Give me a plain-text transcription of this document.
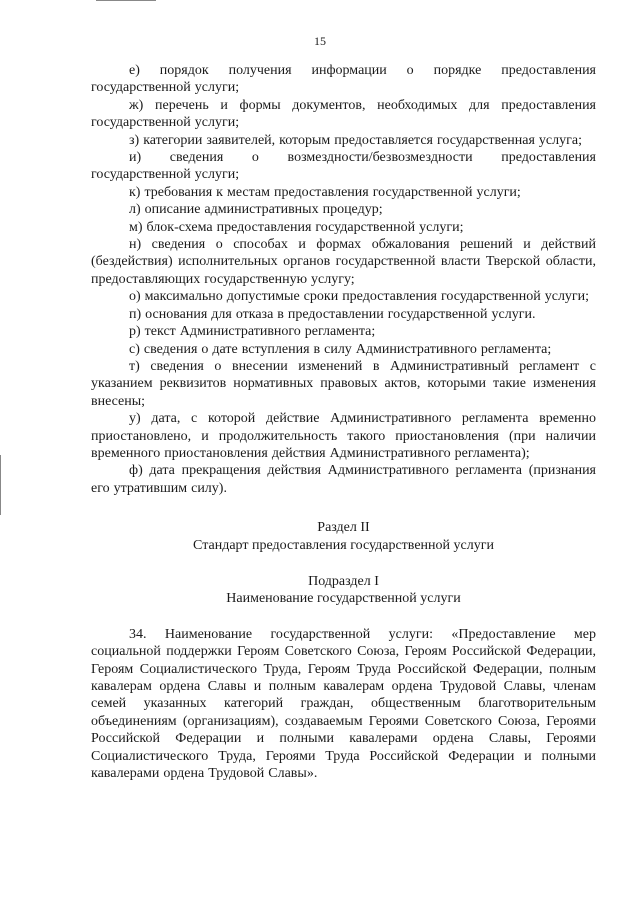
15

е) порядок получения информации о порядке предоставления государственной услуги;

ж) перечень и формы документов, необходимых для предоставления государственной услуги;

з) категории заявителей, которым предоставляется государственная услуга;

и) сведения о возмездности/безвозмездности предоставления государственной услуги;

к) требования к местам предоставления государственной услуги;

л) описание административных процедур;

м) блок-схема предоставления государственной услуги;

н) сведения о способах и формах обжалования решений и действий (бездействия) исполнительных органов государственной власти Тверской области, предоставляющих государственную услугу;

о) максимально допустимые сроки предоставления государственной услуги;

п) основания для отказа в предоставлении государственной услуги.

р) текст Административного регламента;

с) сведения о дате вступления в силу Административного регламента;

т) сведения о внесении изменений в Административный регламент с указанием реквизитов нормативных правовых актов, которыми такие изменения внесены;

у) дата, с которой действие Административного регламента временно приостановлено, и продолжительность такого приостановления (при наличии временного приостановления действия Административного регламента);

ф) дата прекращения действия Административного регламента (признания его утратившим силу).

Раздел II
Стандарт предоставления государственной услуги
Подраздел I
Наименование государственной услуги

34. Наименование государственной услуги: «Предоставление мер социальной поддержки Героям Советского Союза, Героям Российской Федерации, Героям Социалистического Труда, Героям Труда Российской Федерации, полным кавалерам ордена Славы и полным кавалерам ордена Трудовой Славы, членам семей указанных категорий граждан, общественным благотворительным объединениям (организациям), создаваемым Героями Советского Союза, Героями Российской Федерации и полными кавалерами ордена Славы, Героями Социалистического Труда, Героями Труда Российской Федерации и полными кавалерами ордена Трудовой Славы».
